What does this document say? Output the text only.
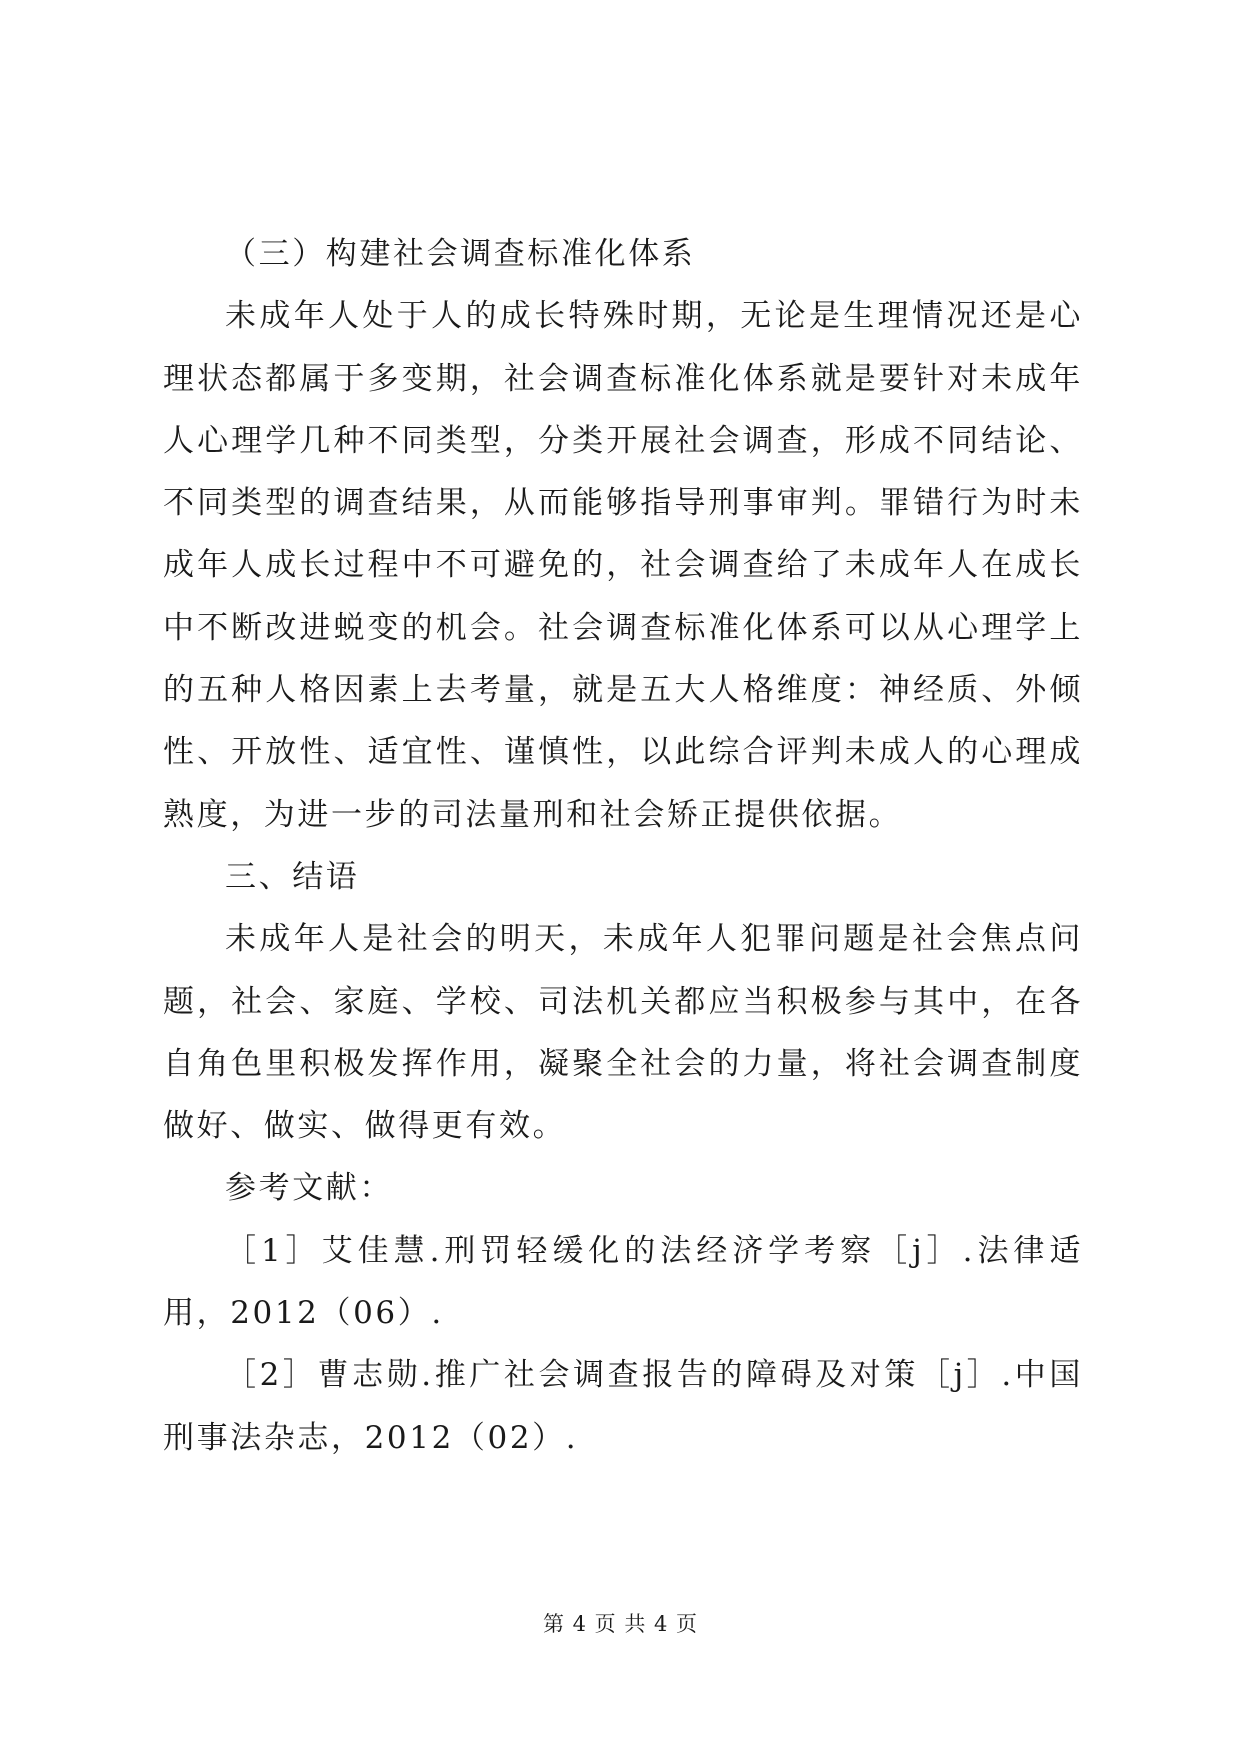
（三）构建社会调查标准化体系

未成年人处于人的成长特殊时期，无论是生理情况还是心理状态都属于多变期，社会调查标准化体系就是要针对未成年人心理学几种不同类型，分类开展社会调查，形成不同结论、不同类型的调查结果，从而能够指导刑事审判。罪错行为时未成年人成长过程中不可避免的，社会调查给了未成年人在成长中不断改进蜕变的机会。社会调查标准化体系可以从心理学上的五种人格因素上去考量，就是五大人格维度：神经质、外倾性、开放性、适宜性、谨慎性，以此综合评判未成人的心理成熟度，为进一步的司法量刑和社会矫正提供依据。

三、结语

未成年人是社会的明天，未成年人犯罪问题是社会焦点问题，社会、家庭、学校、司法机关都应当积极参与其中，在各自角色里积极发挥作用，凝聚全社会的力量，将社会调查制度做好、做实、做得更有效。

参考文献：

［1］艾佳慧.刑罚轻缓化的法经济学考察［j］.法律适用，2012（06）.

［2］曹志勋.推广社会调查报告的障碍及对策［j］.中国刑事法杂志，2012（02）.

第 4 页 共 4 页
